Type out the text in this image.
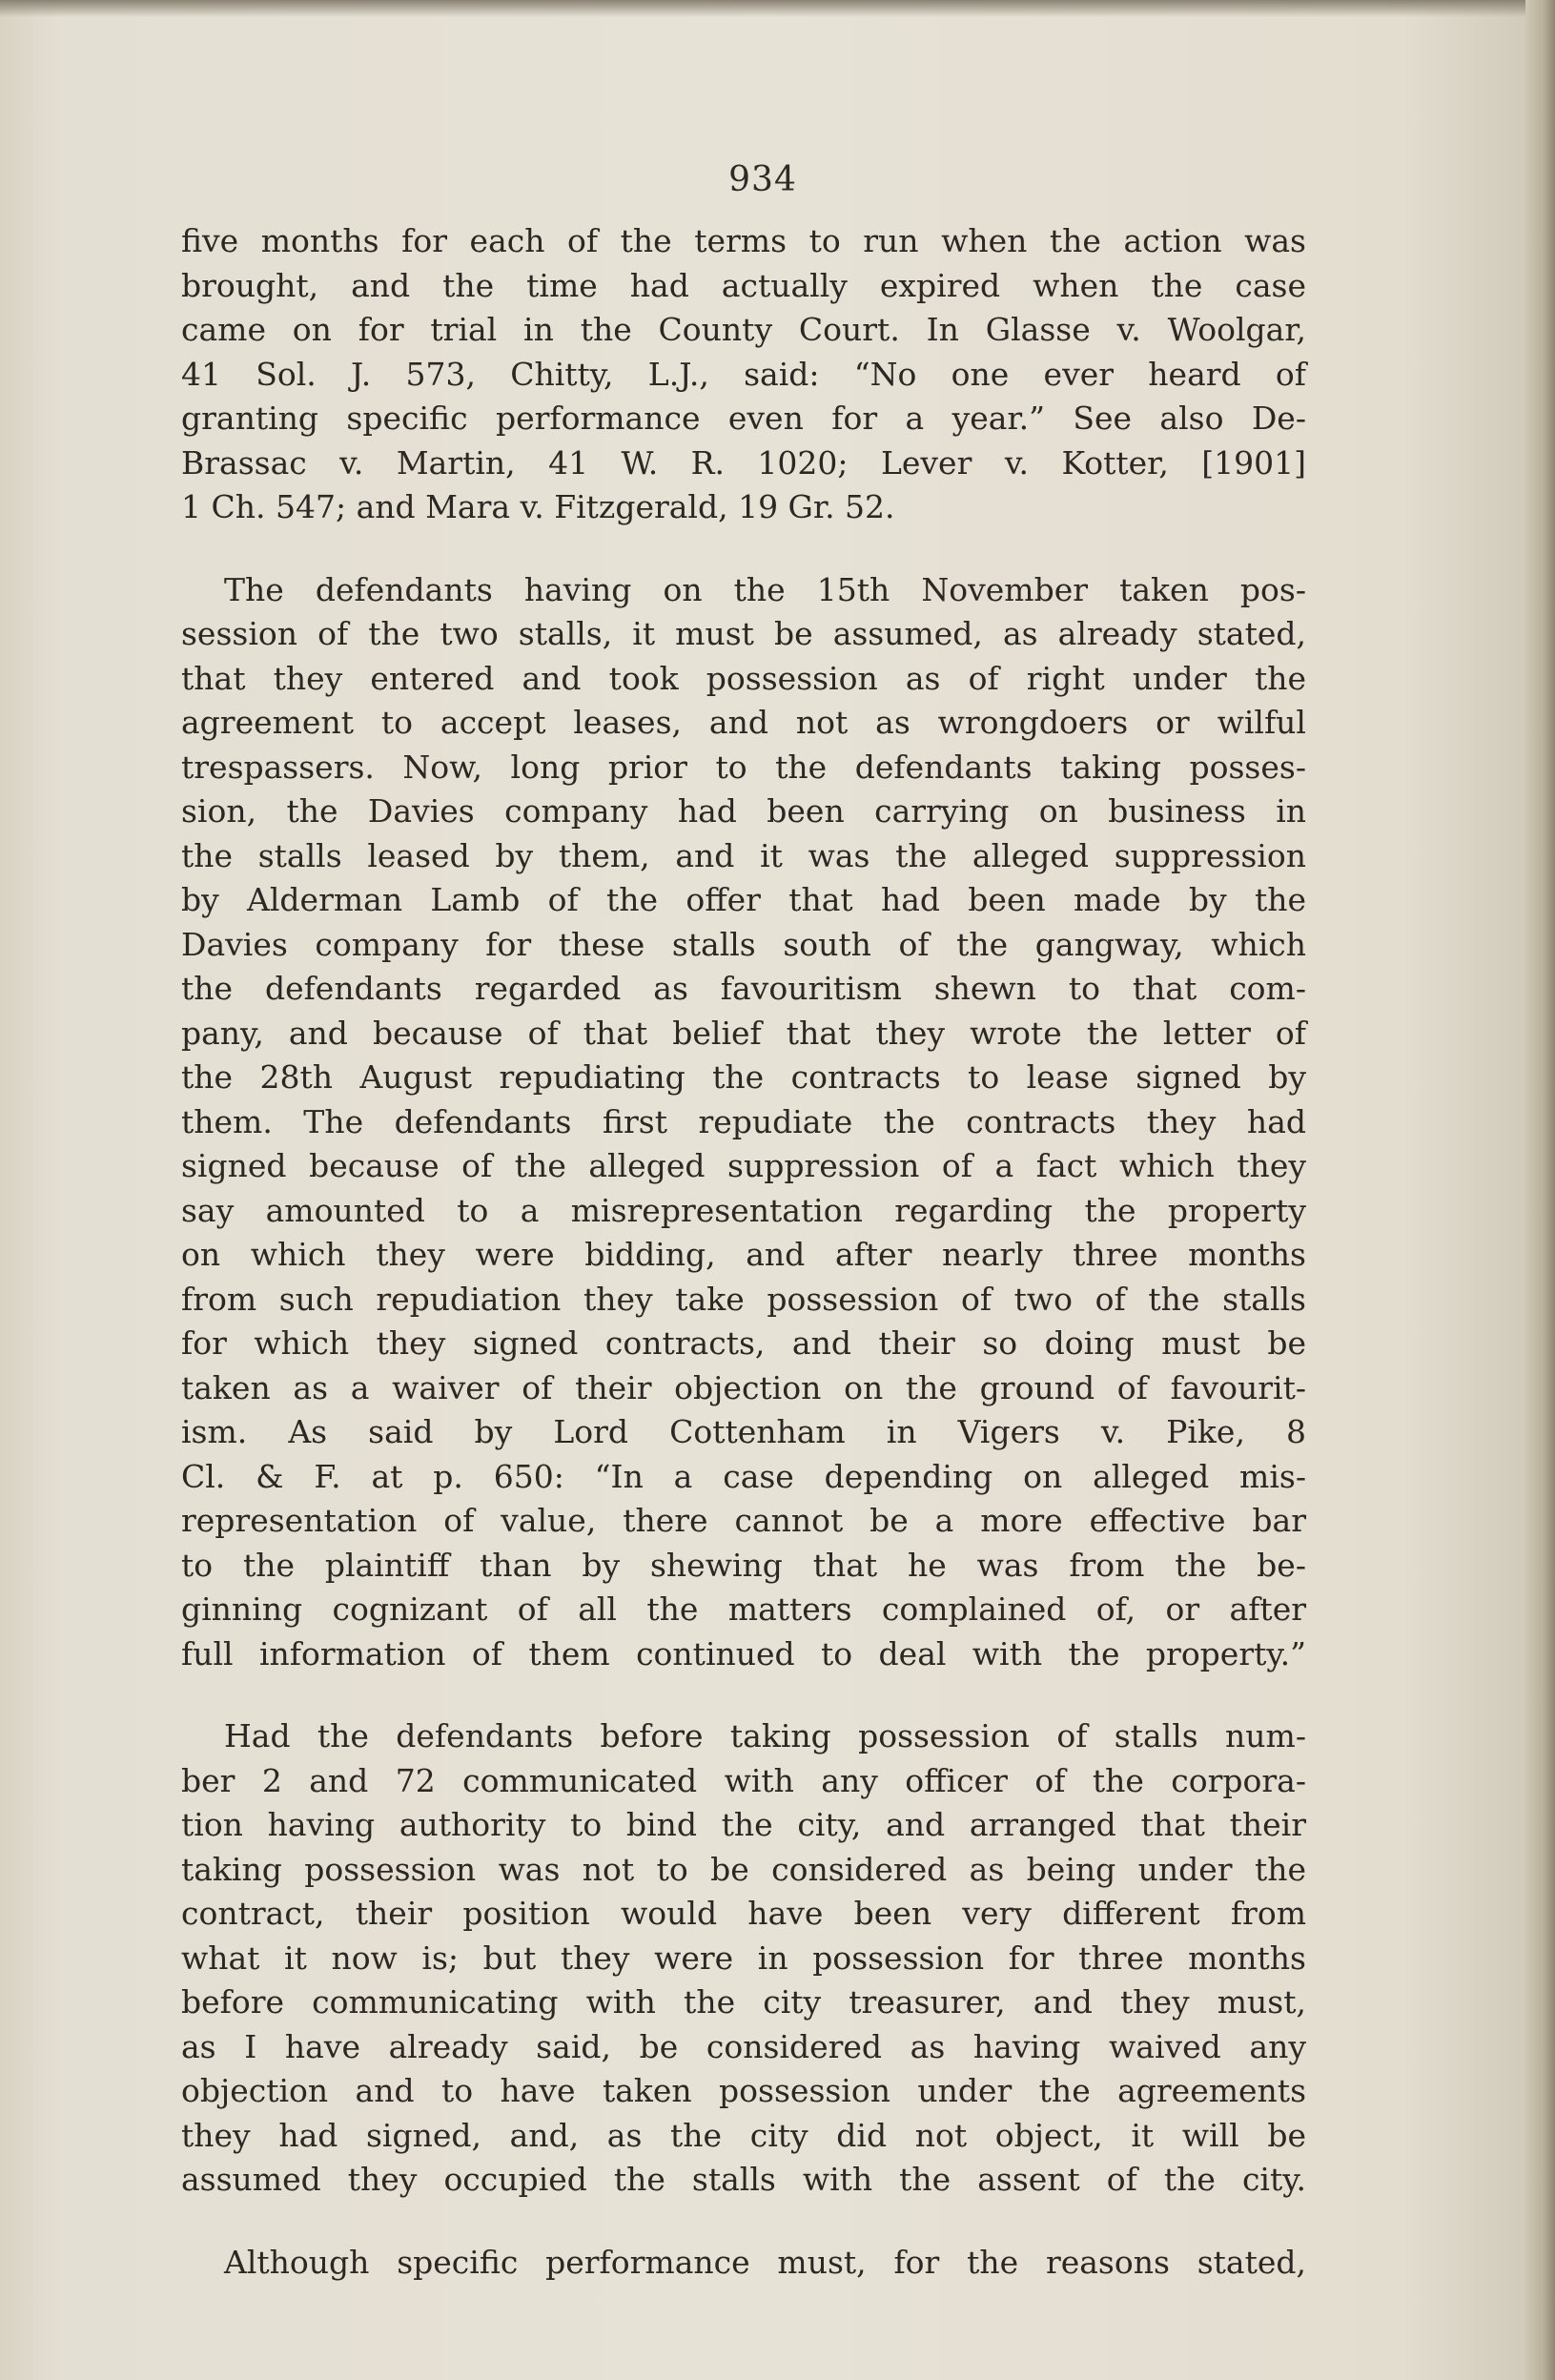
934
five months for each of the terms to run when the action was
brought, and the time had actually expired when the case
came on for trial in the County Court. In Glasse v. Woolgar,
41 Sol. J. 573, Chitty, L.J., said: “No one ever heard of
granting specific performance even for a year.” See also De-
Brassac v. Martin, 41 W. R. 1020; Lever v. Kotter, [1901]
1 Ch. 547; and Mara v. Fitzgerald, 19 Gr. 52.
The defendants having on the 15th November taken pos-
session of the two stalls, it must be assumed, as already stated,
that they entered and took possession as of right under the
agreement to accept leases, and not as wrongdoers or wilful
trespassers. Now, long prior to the defendants taking posses-
sion, the Davies company had been carrying on business in
the stalls leased by them, and it was the alleged suppression
by Alderman Lamb of the offer that had been made by the
Davies company for these stalls south of the gangway, which
the defendants regarded as favouritism shewn to that com-
pany, and because of that belief that they wrote the letter of
the 28th August repudiating the contracts to lease signed by
them. The defendants first repudiate the contracts they had
signed because of the alleged suppression of a fact which they
say amounted to a misrepresentation regarding the property
on which they were bidding, and after nearly three months
from such repudiation they take possession of two of the stalls
for which they signed contracts, and their so doing must be
taken as a waiver of their objection on the ground of favourit-
ism. As said by Lord Cottenham in Vigers v. Pike, 8
Cl. & F. at p. 650: “In a case depending on alleged mis-
representation of value, there cannot be a more effective bar
to the plaintiff than by shewing that he was from the be-
ginning cognizant of all the matters complained of, or after
full information of them continued to deal with the property.”
Had the defendants before taking possession of stalls num-
ber 2 and 72 communicated with any officer of the corpora-
tion having authority to bind the city, and arranged that their
taking possession was not to be considered as being under the
contract, their position would have been very different from
what it now is; but they were in possession for three months
before communicating with the city treasurer, and they must,
as I have already said, be considered as having waived any
objection and to have taken possession under the agreements
they had signed, and, as the city did not object, it will be
assumed they occupied the stalls with the assent of the city.
Although specific performance must, for the reasons stated,
